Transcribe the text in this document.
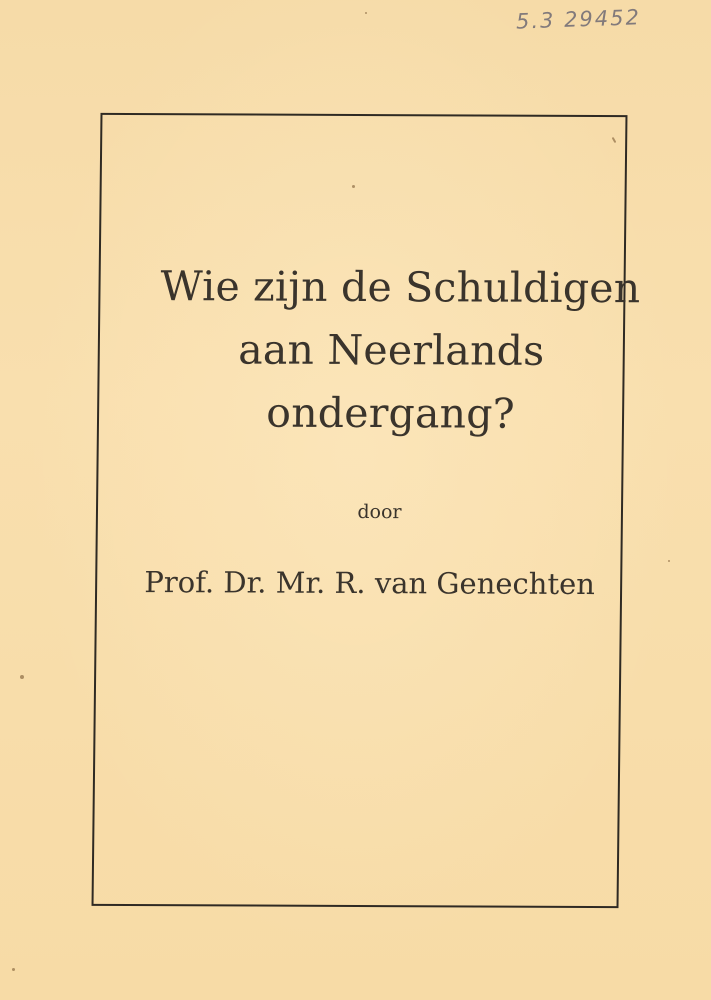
5.3 29452
Wie zijn de Schuldigen
aan Neerlands
ondergang?
door
Prof. Dr. Mr. R. van Genechten
